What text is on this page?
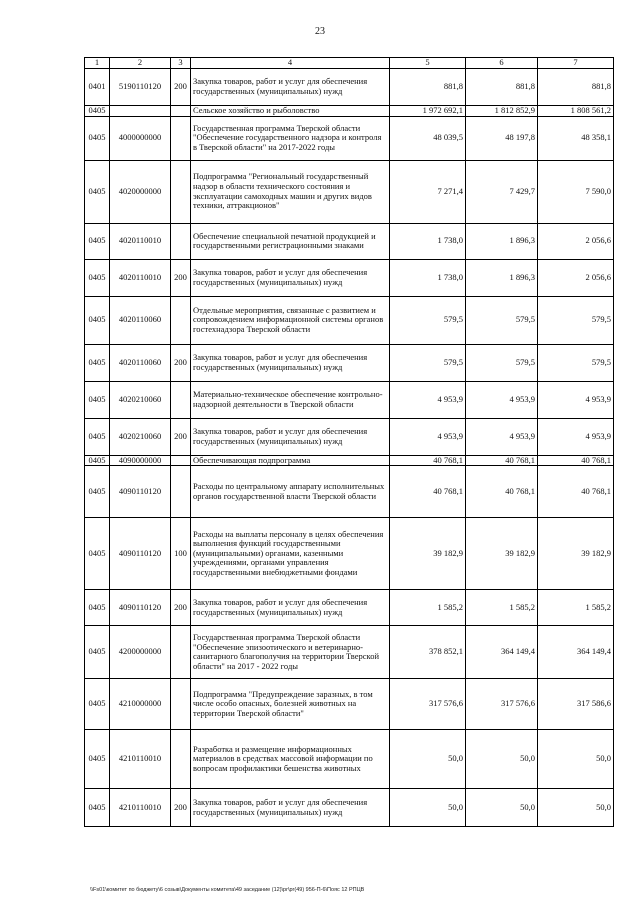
23
1	2	3	4	5	6	7
0401	5190110120	200	Закупка товаров, работ и услуг для обеспечения государственных (муниципальных) нужд	881,8	881,8	881,8
0405			Сельское хозяйство и рыболовство	1 972 692,1	1 812 852,9	1 808 561,2
0405	4000000000		Государственная программа Тверской области "Обеспечение государственного надзора и контроля в Тверской области" на 2017-2022 годы	48 039,5	48 197,8	48 358,1
0405	4020000000		Подпрограмма "Региональный государственный надзор в области технического состояния и эксплуатации самоходных машин и других видов техники, аттракционов"	7 271,4	7 429,7	7 590,0
0405	4020110010		Обеспечение специальной печатной продукцией и государственными регистрационными знаками	1 738,0	1 896,3	2 056,6
0405	4020110010	200	Закупка товаров, работ и услуг для обеспечения государственных (муниципальных) нужд	1 738,0	1 896,3	2 056,6
0405	4020110060		Отдельные мероприятия, связанные с развитием и сопровождением информационной системы органов гостехнадзора Тверской области	579,5	579,5	579,5
0405	4020110060	200	Закупка товаров, работ и услуг для обеспечения государственных (муниципальных) нужд	579,5	579,5	579,5
0405	4020210060		Материально-техническое обеспечение контрольно-надзорной деятельности в Тверской области	4 953,9	4 953,9	4 953,9
0405	4020210060	200	Закупка товаров, работ и услуг для обеспечения государственных (муниципальных) нужд	4 953,9	4 953,9	4 953,9
0405	4090000000		Обеспечивающая подпрограмма	40 768,1	40 768,1	40 768,1
0405	4090110120		Расходы по центральному аппарату исполнительных органов государственной власти Тверской области	40 768,1	40 768,1	40 768,1
0405	4090110120	100	Расходы на выплаты персоналу в целях обеспечения выполнения функций государственными (муниципальными) органами, казенными учреждениями, органами управления государственными внебюджетными фондами	39 182,9	39 182,9	39 182,9
0405	4090110120	200	Закупка товаров, работ и услуг для обеспечения государственных (муниципальных) нужд	1 585,2	1 585,2	1 585,2
0405	4200000000		Государственная программа Тверской области "Обеспечение эпизоотического и ветеринарно-санитарного благополучия на территории Тверской области" на 2017 - 2022 годы	378 852,1	364 149,4	364 149,4
0405	4210000000		Подпрограмма "Предупреждение заразных, в том числе особо опасных, болезней животных на территории Тверской области"	317 576,6	317 576,6	317 586,6
0405	4210110010		Разработка и размещение информационных материалов в средствах массовой информации по вопросам профилактики бешенства животных	50,0	50,0	50,0
0405	4210110010	200	Закупка товаров, работ и услуг для обеспечения государственных (муниципальных) нужд	50,0	50,0	50,0
\\Fs01\комитет по бюджету\6 созыв\Документы комитета\49 заседание (12)\pr\pr(49) 956-П-6\Пояс 12 РПЦВ
